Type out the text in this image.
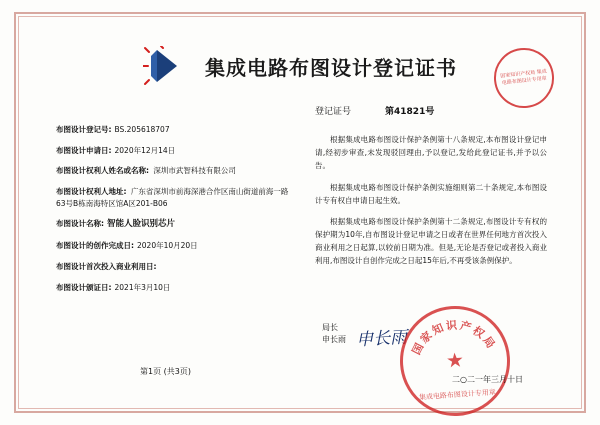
集成电路布图设计登记证书	国家知识产权局 集成电路布图设计专用章
登记证号	第41821号
布图设计登记号: BS.205618707
布图设计申请日: 2020年12月14日
布图设计权利人姓名或名称: 深圳市武智科技有限公司
布图设计权利人地址: 广东省深圳市前海深港合作区南山街道前海一路63号B栋南海特区馆A区201-B06
布图设计名称: 智能人脸识别芯片
布图设计的创作完成日: 2020年10月20日
布图设计首次投入商业利用日:
布图设计颁证日: 2021年3月10日

根据集成电路布图设计保护条例第十八条规定,本布图设计登记申请,经初步审查,未发现驳回理由,予以登记,发给此登记证书,并予以公告。

根据集成电路布图设计保护条例实施细则第二十条规定,本布图设计专有权自申请日起生效。

根据集成电路布图设计保护条例第十二条规定,布图设计专有权的保护期为10年,自布图设计登记申请之日或者在世界任何地方首次投入商业利用之日起算,以较前日期为准。但是,无论是否登记或者投入商业利用,布图设计自创作完成之日起15年后,不再受该条例保护。

局长
申长雨 申长雨 国家知识产权局
★
集成电路布图设计专用章
二○二一年三月十日
第1页 (共3页)
